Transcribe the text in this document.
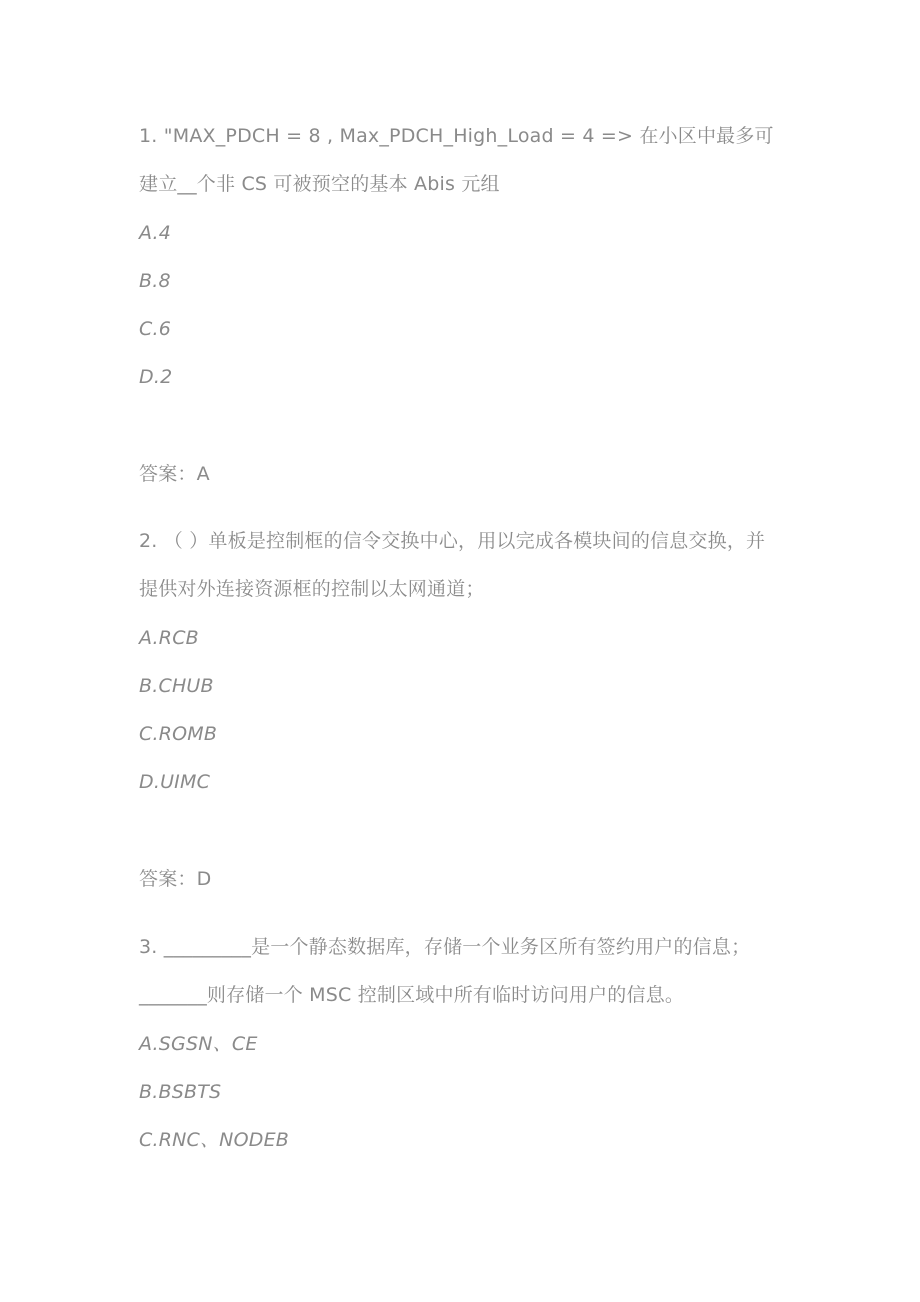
1. "MAX_PDCH = 8 , Max_PDCH_High_Load = 4 => 在小区中最多可
建立__个非 CS 可被预空的基本 Abis 元组
A.4
B.8
C.6
D.2
答案：A
2. （ ）单板是控制框的信令交换中心，用以完成各模块间的信息交换，并
提供对外连接资源框的控制以太网通道；
A.RCB
B.CHUB
C.ROMB
D.UIMC
答案：D
3. _________是一个静态数据库，存储一个业务区所有签约用户的信息；
_______则存储一个 MSC 控制区域中所有临时访问用户的信息。
A.SGSN、CE
B.BSBTS
C.RNC、NODEB
